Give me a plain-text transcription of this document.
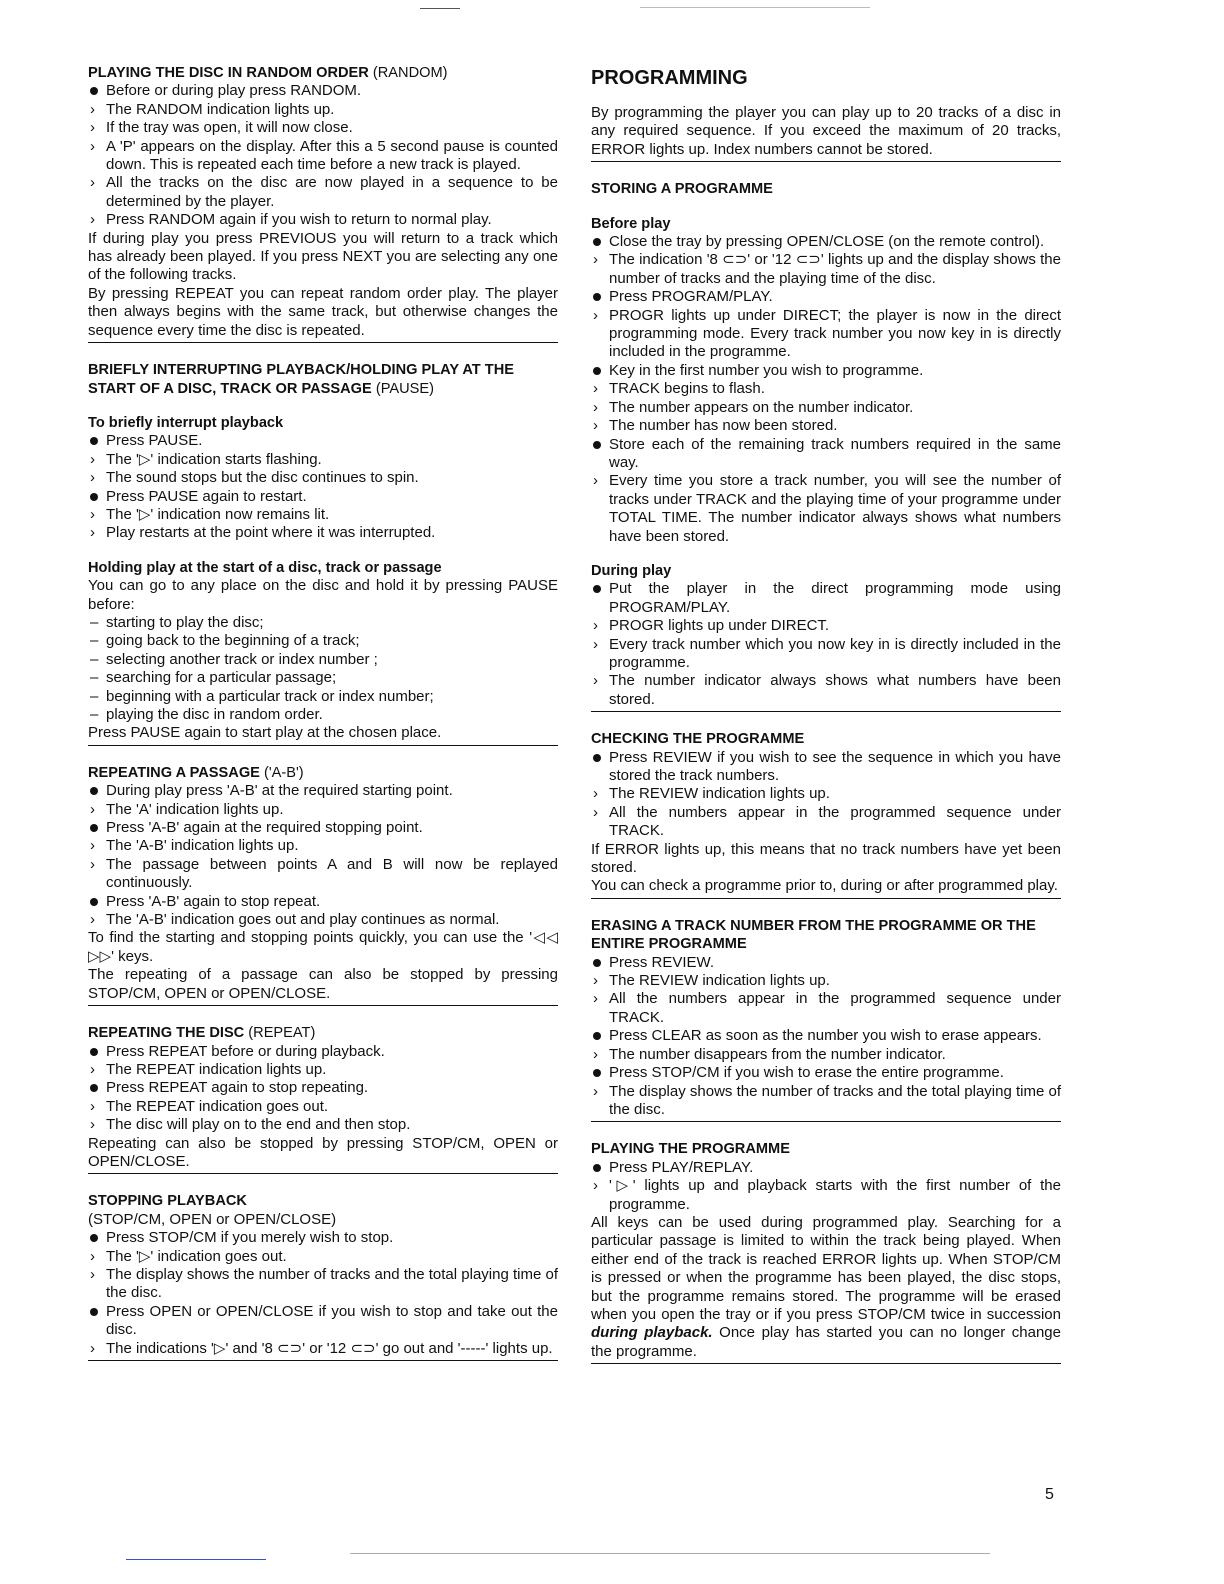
PLAYING THE DISC IN RANDOM ORDER (RANDOM)
Before or during play press RANDOM.
› The RANDOM indication lights up.
› If the tray was open, it will now close.
› A 'P' appears on the display. After this a 5 second pause is counted down. This is repeated each time before a new track is played.
› All the tracks on the disc are now played in a sequence to be determined by the player.
› Press RANDOM again if you wish to return to normal play.
If during play you press PREVIOUS you will return to a track which has already been played. If you press NEXT you are selecting any one of the following tracks.
By pressing REPEAT you can repeat random order play. The player then always begins with the same track, but otherwise changes the sequence every time the disc is repeated.
BRIEFLY INTERRUPTING PLAYBACK/HOLDING PLAY AT THE START OF A DISC, TRACK OR PASSAGE (PAUSE)
To briefly interrupt playback
Press PAUSE.
› The '▷' indication starts flashing.
› The sound stops but the disc continues to spin.
Press PAUSE again to restart.
› The '▷' indication now remains lit.
› Play restarts at the point where it was interrupted.
Holding play at the start of a disc, track or passage
You can go to any place on the disc and hold it by pressing PAUSE before:
– starting to play the disc;
– going back to the beginning of a track;
– selecting another track or index number ;
– searching for a particular passage;
– beginning with a particular track or index number;
– playing the disc in random order.
Press PAUSE again to start play at the chosen place.
REPEATING A PASSAGE ('A-B')
During play press 'A-B' at the required starting point.
› The 'A' indication lights up.
Press 'A-B' again at the required stopping point.
› The 'A-B' indication lights up.
› The passage between points A and B will now be replayed continuously.
Press 'A-B' again to stop repeat.
› The 'A-B' indication goes out and play continues as normal.
To find the starting and stopping points quickly, you can use the '◁◁ ▷▷' keys.
The repeating of a passage can also be stopped by pressing STOP/CM, OPEN or OPEN/CLOSE.
REPEATING THE DISC (REPEAT)
Press REPEAT before or during playback.
› The REPEAT indication lights up.
Press REPEAT again to stop repeating.
› The REPEAT indication goes out.
› The disc will play on to the end and then stop.
Repeating can also be stopped by pressing STOP/CM, OPEN or OPEN/CLOSE.
STOPPING PLAYBACK
(STOP/CM, OPEN or OPEN/CLOSE)
Press STOP/CM if you merely wish to stop.
› The '▷' indication goes out.
› The display shows the number of tracks and the total playing time of the disc.
Press OPEN or OPEN/CLOSE if you wish to stop and take out the disc.
› The indications '▷' and '8 ⊂⊃' or '12 ⊂⊃' go out and '-----' lights up.
PROGRAMMING
By programming the player you can play up to 20 tracks of a disc in any required sequence. If you exceed the maximum of 20 tracks, ERROR lights up. Index numbers cannot be stored.
STORING A PROGRAMME
Before play
Close the tray by pressing OPEN/CLOSE (on the remote control).
› The indication '8 ⊂⊃' or '12 ⊂⊃' lights up and the display shows the number of tracks and the playing time of the disc.
Press PROGRAM/PLAY.
› PROGR lights up under DIRECT; the player is now in the direct programming mode. Every track number you now key in is directly included in the programme.
Key in the first number you wish to programme.
› TRACK begins to flash.
› The number appears on the number indicator.
› The number has now been stored.
Store each of the remaining track numbers required in the same way.
› Every time you store a track number, you will see the number of tracks under TRACK and the playing time of your programme under TOTAL TIME. The number indicator always shows what numbers have been stored.
During play
Put the player in the direct programming mode using PROGRAM/PLAY.
› PROGR lights up under DIRECT.
› Every track number which you now key in is directly included in the programme.
› The number indicator always shows what numbers have been stored.
CHECKING THE PROGRAMME
Press REVIEW if you wish to see the sequence in which you have stored the track numbers.
› The REVIEW indication lights up.
› All the numbers appear in the programmed sequence under TRACK.
If ERROR lights up, this means that no track numbers have yet been stored.
You can check a programme prior to, during or after programmed play.
ERASING A TRACK NUMBER FROM THE PROGRAMME OR THE ENTIRE PROGRAMME
Press REVIEW.
› The REVIEW indication lights up.
› All the numbers appear in the programmed sequence under TRACK.
Press CLEAR as soon as the number you wish to erase appears.
› The number disappears from the number indicator.
Press STOP/CM if you wish to erase the entire programme.
› The display shows the number of tracks and the total playing time of the disc.
PLAYING THE PROGRAMME
Press PLAY/REPLAY.
› '▷' lights up and playback starts with the first number of the programme.
All keys can be used during programmed play. Searching for a particular passage is limited to within the track being played. When either end of the track is reached ERROR lights up. When STOP/CM is pressed or when the programme has been played, the disc stops, but the programme remains stored. The programme will be erased when you open the tray or if you press STOP/CM twice in succession during playback. Once play has started you can no longer change the programme.
5
